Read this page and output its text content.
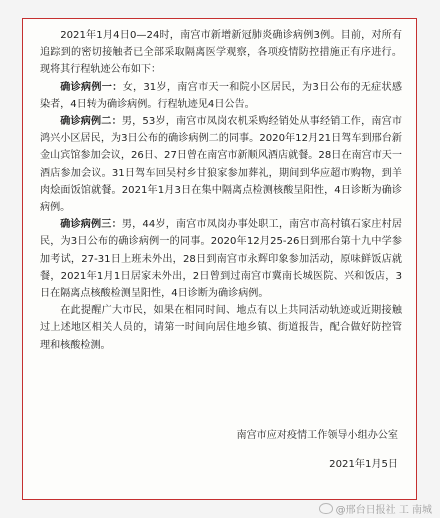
2021年1月4日0—24时，南宫市新增新冠肺炎确诊病例3例。目前，对所有追踪到的密切接触者已全部采取隔离医学观察，各项疫情防控措施正有序进行。现将其行程轨迹公布如下：

确诊病例一：女，31岁，南宫市天一和院小区居民，为3日公布的无症状感染者，4日转为确诊病例。行程轨迹见4日公告。

确诊病例二：男，53岁，南宫市凤岗农机采购经销处从事经销工作，南宫市鸿兴小区居民，为3日公布的确诊病例二的同事。2020年12月21日驾车到邢台新金山宾馆参加会议，26日、27日曾在南宫市新顺风酒店就餐。28日在南宫市天一酒店参加会议。31日驾车回吴村乡甘狼家参加葬礼，期间到华应超市购物，到羊肉烩面饭馆就餐。2021年1月3日在集中隔离点检测核酸呈阳性，4日诊断为确诊病例。

确诊病例三：男，44岁，南宫市凤岗办事处职工，南宫市高村镇石家庄村居民，为3日公布的确诊病例一的同事。2020年12月25-26日到邢台第十九中学参加考试，27-31日上班未外出，28日到南宫市永辉印象参加活动，原味鲜饭店就餐，2021年1月1日居家未外出，2日曾到过南宫市冀南长城医院、兴和饭店，3日在隔离点核酸检测呈阳性，4日诊断为确诊病例。

在此提醒广大市民，如果在相同时间、地点有以上共同活动轨迹或近期接触过上述地区相关人员的，请第一时间向居住地乡镇、街道报告，配合做好防控管理和核酸检测。

南宫市应对疫情工作领导小组办公室
2021年1月5日
@邢台日报社 工 南城
